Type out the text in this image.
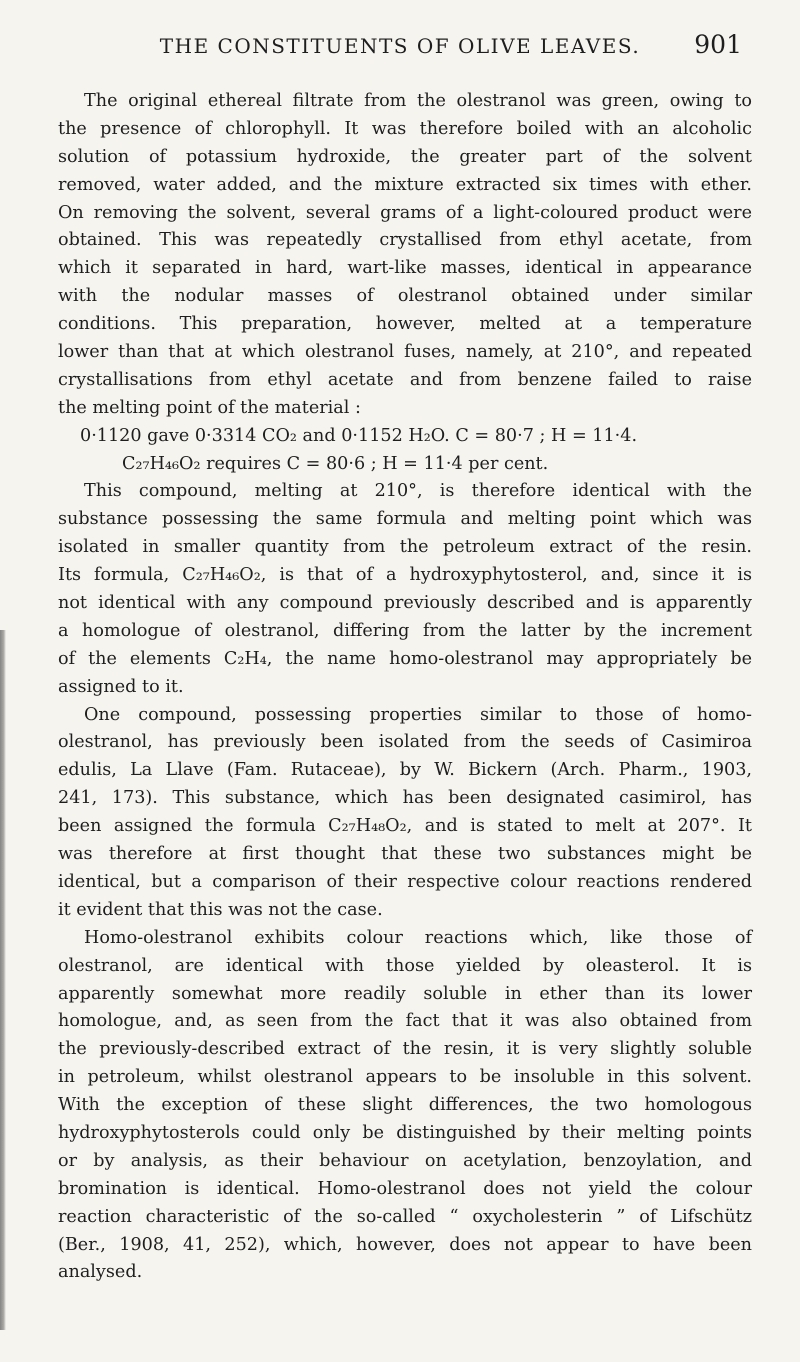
THE CONSTITUENTS OF OLIVE LEAVES.	901
The original ethereal filtrate from the olestranol was green, owing to
the presence of chlorophyll. It was therefore boiled with an alcoholic
solution of potassium hydroxide, the greater part of the solvent
removed, water added, and the mixture extracted six times with ether.
On removing the solvent, several grams of a light-coloured product were
obtained. This was repeatedly crystallised from ethyl acetate, from
which it separated in hard, wart-like masses, identical in appearance
with the nodular masses of olestranol obtained under similar
conditions. This preparation, however, melted at a temperature
lower than that at which olestranol fuses, namely, at 210°, and repeated
crystallisations from ethyl acetate and from benzene failed to raise
the melting point of the material :
0·1120 gave 0·3314 CO₂ and 0·1152 H₂O. C = 80·7 ; H = 11·4.
C₂₇H₄₆O₂ requires C = 80·6 ; H = 11·4 per cent.
This compound, melting at 210°, is therefore identical with the
substance possessing the same formula and melting point which was
isolated in smaller quantity from the petroleum extract of the resin.
Its formula, C₂₇H₄₆O₂, is that of a hydroxyphytosterol, and, since it is
not identical with any compound previously described and is apparently
a homologue of olestranol, differing from the latter by the increment
of the elements C₂H₄, the name homo-olestranol may appropriately be
assigned to it.
One compound, possessing properties similar to those of homo-
olestranol, has previously been isolated from the seeds of Casimiroa
edulis, La Llave (Fam. Rutaceae), by W. Bickern (Arch. Pharm., 1903,
241, 173). This substance, which has been designated casimirol, has
been assigned the formula C₂₇H₄₈O₂, and is stated to melt at 207°. It
was therefore at first thought that these two substances might be
identical, but a comparison of their respective colour reactions rendered
it evident that this was not the case.
Homo-olestranol exhibits colour reactions which, like those of
olestranol, are identical with those yielded by oleasterol. It is
apparently somewhat more readily soluble in ether than its lower
homologue, and, as seen from the fact that it was also obtained from
the previously-described extract of the resin, it is very slightly soluble
in petroleum, whilst olestranol appears to be insoluble in this solvent.
With the exception of these slight differences, the two homologous
hydroxyphytosterols could only be distinguished by their melting points
or by analysis, as their behaviour on acetylation, benzoylation, and
bromination is identical. Homo-olestranol does not yield the colour
reaction characteristic of the so-called “ oxycholesterin ” of Lifschütz
(Ber., 1908, 41, 252), which, however, does not appear to have been
analysed.
